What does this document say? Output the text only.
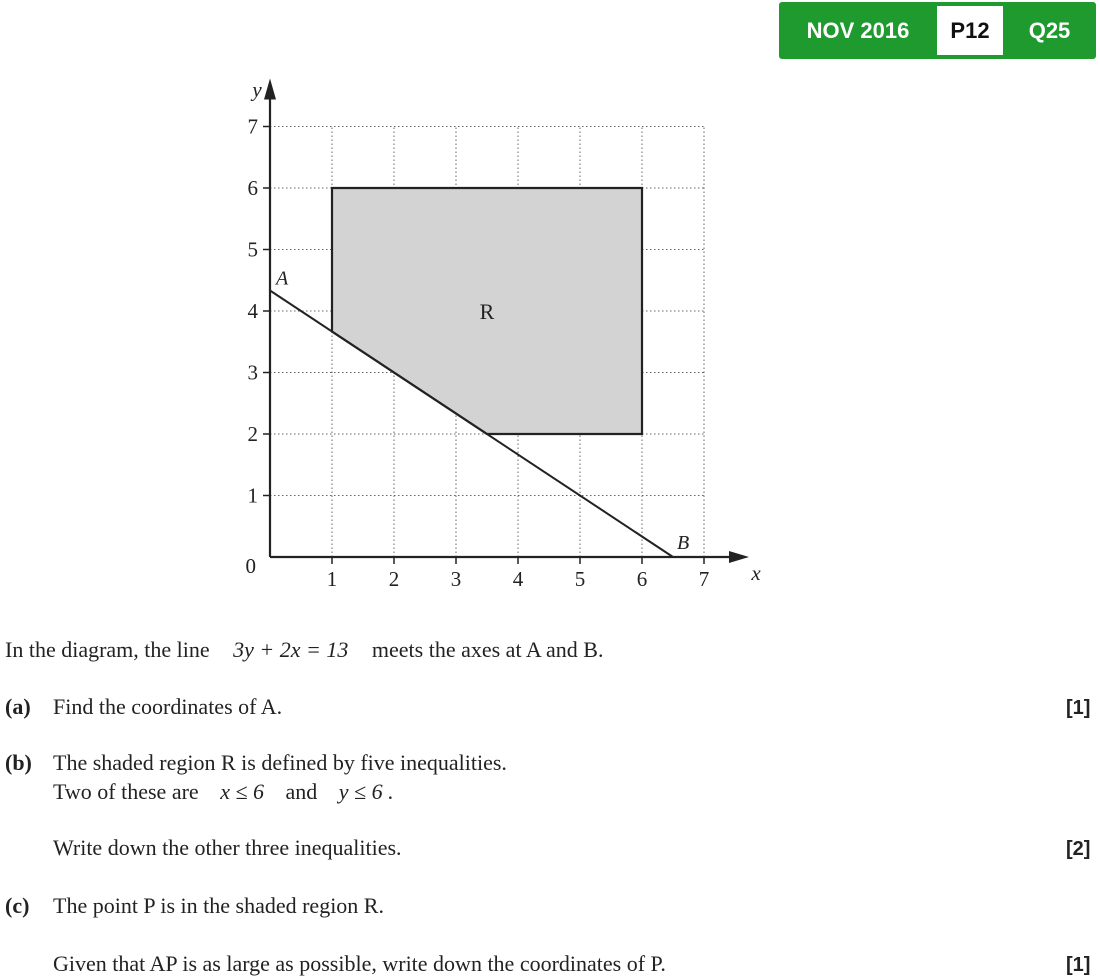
NOV 2016	P12	Q25
R
A
B
1 2 3 4 5 6 7
1
2
3
4
5
6
7
0	x
y
In the diagram, the line 3y + 2x = 13 meets the axes at A and B.
(a) Find the coordinates of A.	[1]
(b) The shaded region R is defined by five inequalities.
Two of these are x ≤ 6 and y ≤ 6 .
Write down the other three inequalities.	[2]
(c) The point P is in the shaded region R.
Given that AP is as large as possible, write down the coordinates of P.	[1]
